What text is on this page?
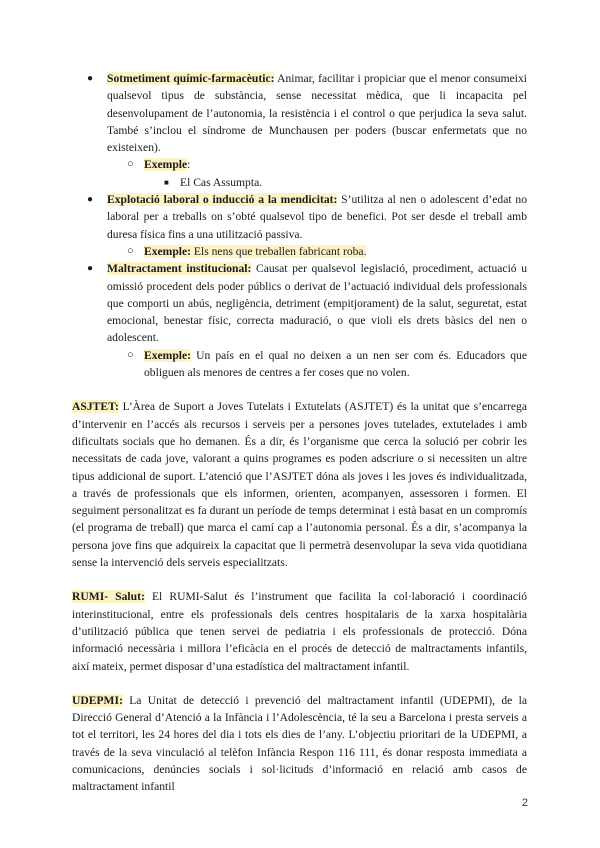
● Sotmetiment químic-farmacèutic: Animar, facilitar i propiciar que el menor consumeixi qualsevol tipus de substància, sense necessitat mèdica, que li incapacita pel desenvolupament de l’autonomia, la resistència i el control o que perjudica la seva salut. També s’inclou el síndrome de Munchausen per poders (buscar enfermetats que no existeixen).

○ Exemple:

■ El Cas Assumpta.

● Explotació laboral o inducció a la mendicitat: S’utilitza al nen o adolescent d’edat no laboral per a treballs on s’obté qualsevol tipo de benefici. Pot ser desde el treball amb duresa física fins a una utilització passiva.

○ Exemple: Els nens que treballen fabricant roba.

● Maltractament institucional: Causat per qualsevol legislació, procediment, actuació u omissió procedent dels poder públics o derivat de l’actuació individual dels professionals que comporti un abús, negligència, detriment (empitjorament) de la salut, seguretat, estat emocional, benestar físic, correcta maduració, o que violi els drets bàsics del nen o adolescent.

○ Exemple: Un país en el qual no deixen a un nen ser com és. Educadors que obliguen als menores de centres a fer coses que no volen.

ASJTET: L’Àrea de Suport a Joves Tutelats i Extutelats (ASJTET) és la unitat que s’encarrega d’intervenir en l’accés als recursos i serveis per a persones joves tutelades, extutelades i amb dificultats socials que ho demanen. És a dir, és l’organisme que cerca la solució per cobrir les necessitats de cada jove, valorant a quins programes es poden adscriure o si necessiten un altre tipus addicional de suport. L’atenció que l’ASJTET dóna als joves i les joves és individualitzada, a través de professionals que els informen, orienten, acompanyen, assessoren i formen. El seguiment personalitzat es fa durant un període de temps determinat i està basat en un compromís (el programa de treball) que marca el camí cap a l’autonomia personal. És a dir, s’acompanya la persona jove fins que adquireix la capacitat que li permetrà desenvolupar la seva vida quotidiana sense la intervenció dels serveis especialitzats.

RUMI- Salut: El RUMI-Salut és l’instrument que facilita la col·laboració i coordinació interinstitucional, entre els professionals dels centres hospitalaris de la xarxa hospitalària d’utilització pública que tenen servei de pediatria i els professionals de protecció. Dóna informació necessària i millora l’eficàcia en el procés de detecció de maltractaments infantils, així mateix, permet disposar d’una estadística del maltractament infantil.

UDEPMI: La Unitat de detecció i prevenció del maltractament infantil (UDEPMI), de la Direcció General d’Atenció a la Infància i l’Adolescència, té la seu a Barcelona i presta serveis a tot el territori, les 24 hores del dia i tots els dies de l’any. L’objectiu prioritari de la UDEPMI, a través de la seva vinculació al telèfon Infància Respon 116 111, és donar resposta immediata a comunicacions, denúncies socials i sol·licituds d’informació en relació amb casos de maltractament infantil

2
